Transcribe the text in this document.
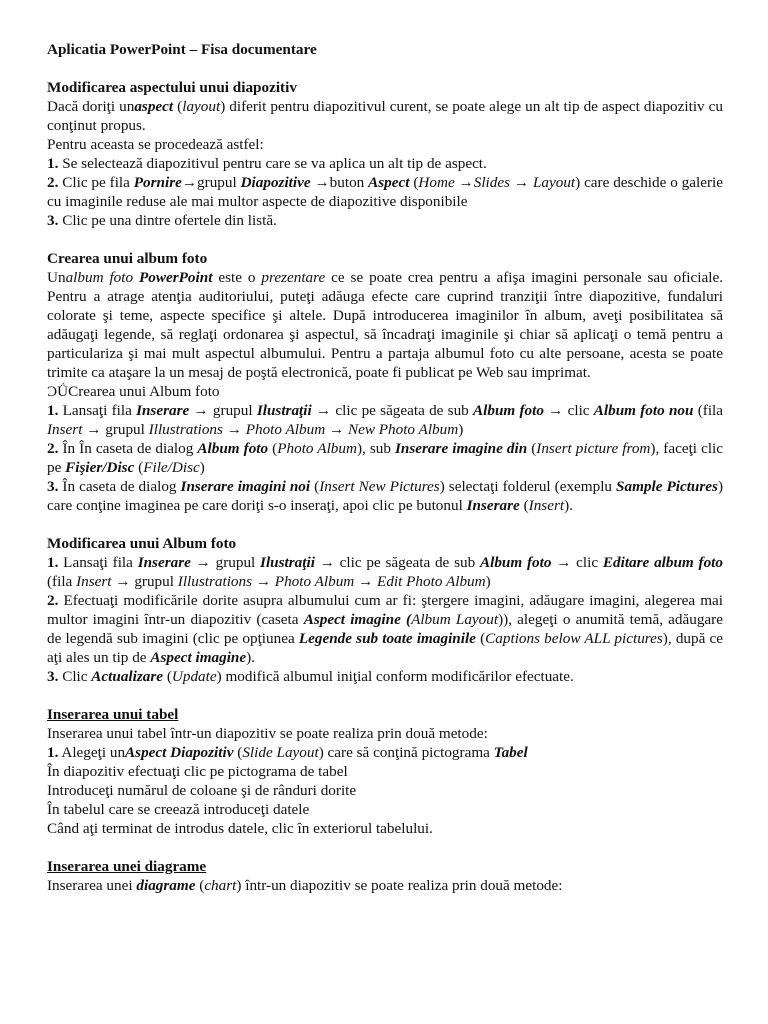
Aplicatia PowerPoint – Fisa documentare
Modificarea aspectului unui diapozitiv
Dacă doriţi unaspect (layout) diferit pentru diapozitivul curent, se poate alege un alt tip de aspect diapozitiv cu conţinut propus.
Pentru aceasta se procedează astfel:
1. Se selectează diapozitivul pentru care se va aplica un alt tip de aspect.
2. Clic pe fila Pornire→grupul Diapozitive →buton Aspect (Home →Slides → Layout) care deschide o galerie cu imaginile reduse ale mai multor aspecte de diapozitive disponibile
3. Clic pe una dintre ofertele din listă.
Crearea unui album foto
Unalbum foto PowerPoint este o prezentare ce se poate crea pentru a afişa imagini personale sau oficiale. Pentru a atrage atenţia auditoriului, puteţi adăuga efecte care cuprind tranziţii între diapozitive, fundaluri colorate şi teme, aspecte specifice şi altele. După introducerea imaginilor în album, aveţi posibilitatea să adăugaţi legende, să reglaţi ordonarea şi aspectul, să încadraţi imaginile şi chiar să aplicaţi o temă pentru a particulariza şi mai mult aspectul albumului. Pentru a partaja albumul foto cu alte persoane, acesta se poate trimite ca ataşare la un mesaj de poştă electronică, poate fi publicat pe Web sau imprimat.
ƆǗCrearea unui Album foto
1. Lansaţi fila Inserare → grupul Ilustraţii → clic pe săgeata de sub Album foto → clic Album foto nou (fila Insert → grupul Illustrations → Photo Album → New Photo Album)
2. În În caseta de dialog Album foto (Photo Album), sub Inserare imagine din (Insert picture from), faceţi clic pe Fişier/Disc (File/Disc)
3. În caseta de dialog Inserare imagini noi (Insert New Pictures) selectaţi folderul (exemplu Sample Pictures) care conţine imaginea pe care doriţi s-o inseraţi, apoi clic pe butonul Inserare (Insert).
Modificarea unui Album foto
1. Lansaţi fila Inserare → grupul Ilustraţii → clic pe săgeata de sub Album foto → clic Editare album foto (fila Insert → grupul Illustrations → Photo Album → Edit Photo Album)
2. Efectuaţi modificările dorite asupra albumului cum ar fi: ştergere imagini, adăugare imagini, alegerea mai multor imagini într-un diapozitiv (caseta Aspect imagine (Album Layout)), alegeţi o anumită temă, adăugare de legendă sub imagini (clic pe opţiunea Legende sub toate imaginile (Captions below ALL pictures), după ce aţi ales un tip de Aspect imagine).
3. Clic Actualizare (Update) modifică albumul iniţial conform modificărilor efectuate.
Inserarea unui tabel
Inserarea unui tabel într-un diapozitiv se poate realiza prin două metode:
1. Alegeţi unAspect Diapozitiv (Slide Layout) care să conţină pictograma Tabel
În diapozitiv efectuaţi clic pe pictograma de tabel
Introduceţi numărul de coloane şi de rânduri dorite
În tabelul care se creează introduceţi datele
Când aţi terminat de introdus datele, clic în exteriorul tabelului.
Inserarea unei diagrame
Inserarea unei diagrame (chart) într-un diapozitiv se poate realiza prin două metode:
